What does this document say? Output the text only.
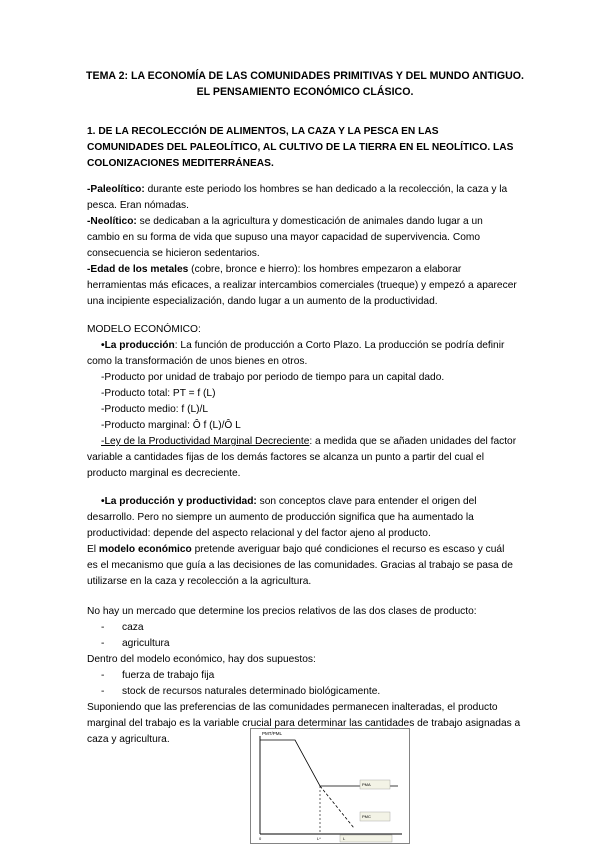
TEMA 2: LA ECONOMÍA DE LAS COMUNIDADES PRIMITIVAS Y DEL MUNDO ANTIGUO.
EL PENSAMIENTO ECONÓMICO CLÁSICO.
1. DE LA RECOLECCIÓN DE ALIMENTOS, LA CAZA Y LA PESCA EN LAS COMUNIDADES DEL PALEOLÍTICO, AL CULTIVO DE LA TIERRA EN EL NEOLÍTICO. LAS COLONIZACIONES MEDITERRÁNEAS.
-Paleolítico: durante este periodo los hombres se han dedicado a la recolección, la caza y la pesca. Eran nómadas.
-Neolítico: se dedicaban a la agricultura y domesticación de animales dando lugar a un cambio en su forma de vida que supuso una mayor capacidad de supervivencia. Como consecuencia se hicieron sedentarios.
-Edad de los metales (cobre, bronce e hierro): los hombres empezaron a elaborar herramientas más eficaces, a realizar intercambios comerciales (trueque) y empezó a aparecer una incipiente especialización, dando lugar a un aumento de la productividad.
MODELO ECONÓMICO:
•La producción: La función de producción a Corto Plazo. La producción se podría definir como la transformación de unos bienes en otros.
-Producto por unidad de trabajo por periodo de tiempo para un capital dado.
-Producto total: PT = f (L)
-Producto medio: f (L)/L
-Producto marginal: Ô f (L)/Ô L
-Ley de la Productividad Marginal Decreciente: a medida que se añaden unidades del factor variable a cantidades fijas de los demás factores se alcanza un punto a partir del cual el producto marginal es decreciente.
•La producción y productividad: son conceptos clave para entender el origen del desarrollo. Pero no siempre un aumento de producción significa que ha aumentado la productividad: depende del aspecto relacional y del factor ajeno al producto.
El modelo económico pretende averiguar bajo qué condiciones el recurso es escaso y cuál es el mecanismo que guía a las decisiones de las comunidades. Gracias al trabajo se pasa de utilizarse en la caza y recolección a la agricultura.
No hay un mercado que determine los precios relativos de las dos clases de producto:
- caza
- agricultura
Dentro del modelo económico, hay dos supuestos:
- fuerza de trabajo fija
- stock de recursos naturales determinado biológicamente.
Suponiendo que las preferencias de las comunidades permanecen inalteradas, el producto marginal del trabajo es la variable crucial para determinar las cantidades de trabajo asignadas a caza y agricultura.
PMT/PML
PMA
PMC
0	L*	L
